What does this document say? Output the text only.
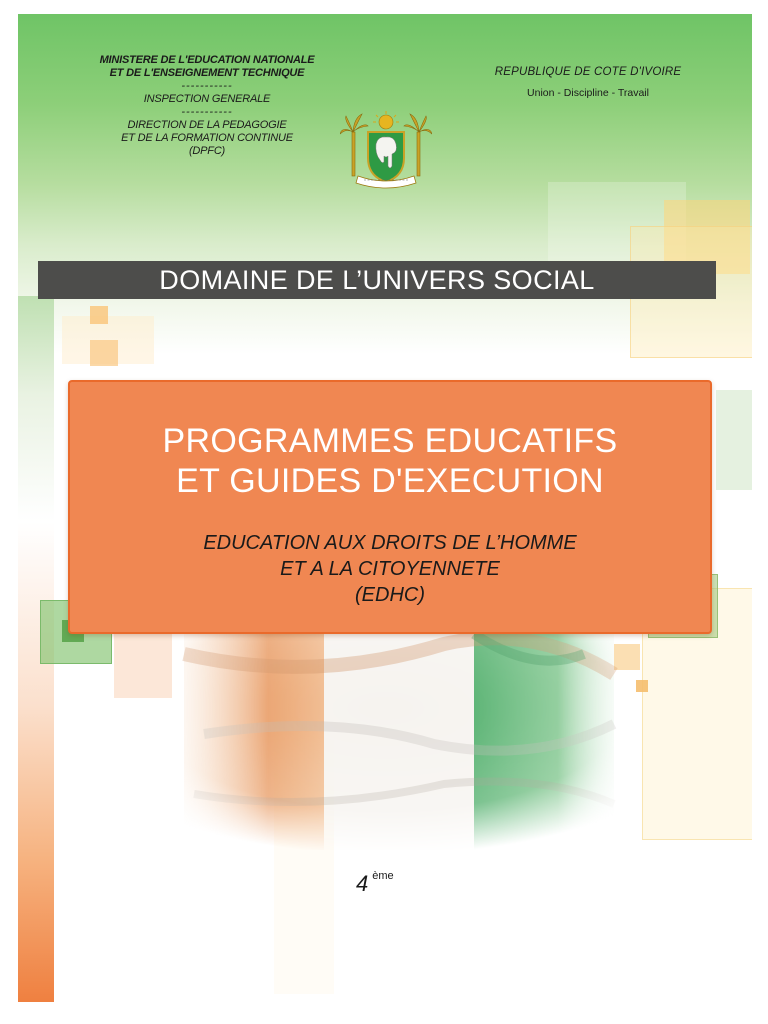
MINISTERE DE L'EDUCATION NATIONALE
ET DE L'ENSEIGNEMENT TECHNIQUE
-----------
INSPECTION GENERALE
-----------
DIRECTION DE LA PEDAGOGIE
ET DE LA FORMATION CONTINUE
(DPFC)
REPUBLIQUE DE COTE D'IVOIRE
Union - Discipline - Travail
DOMAINE DE L’UNIVERS SOCIAL
PROGRAMMES EDUCATIFS
ET GUIDES D'EXECUTION
EDUCATION AUX DROITS DE L’HOMME
ET A LA CITOYENNETE
(EDHC)
4 $^{ème}$
